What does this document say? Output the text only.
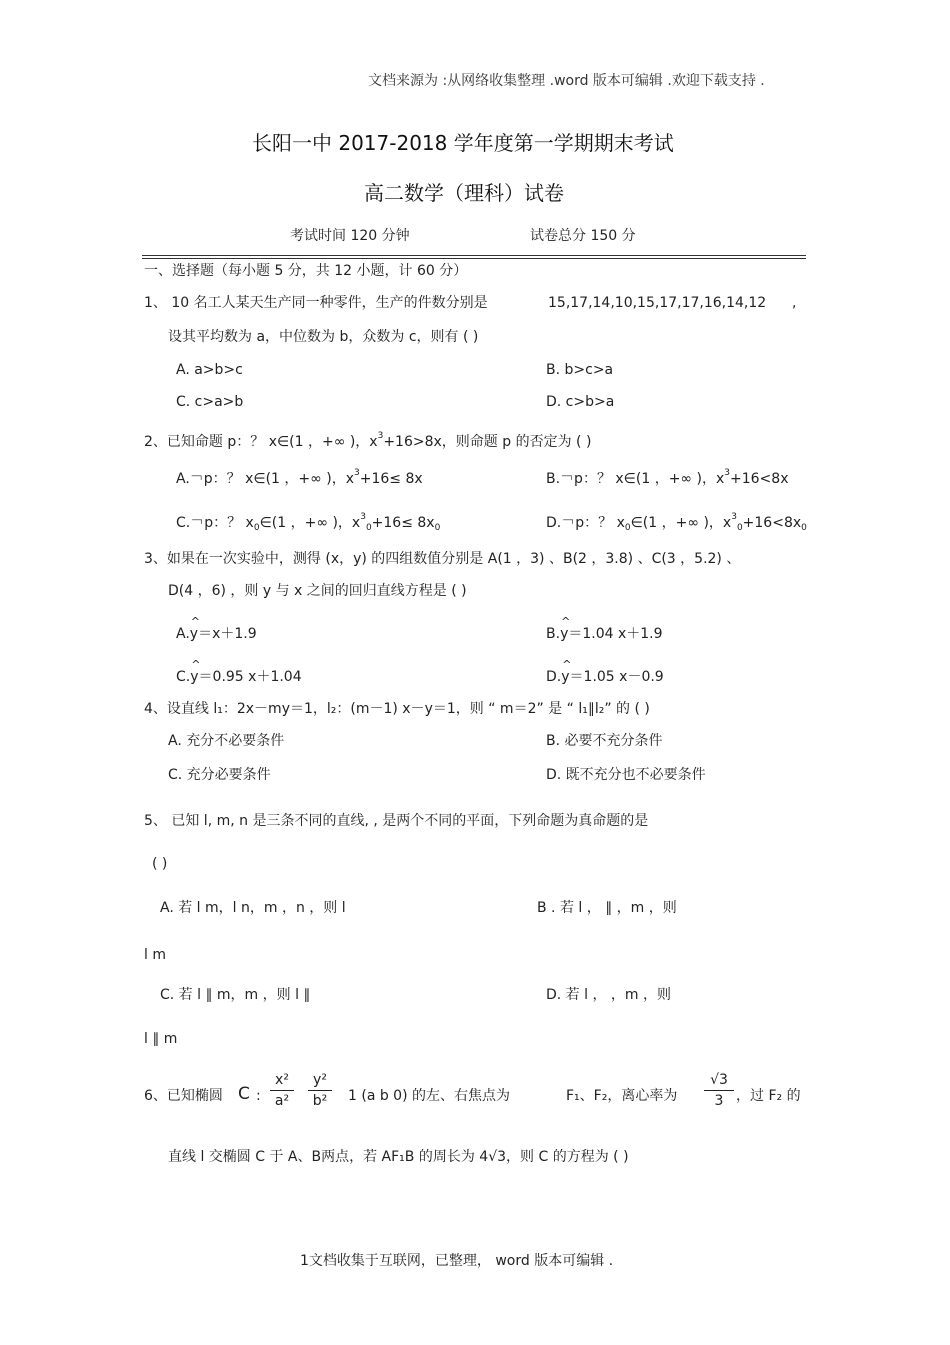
文档来源为 :从网络收集整理 .word 版本可编辑 .欢迎下载支持 .
长阳一中 2017-2018 学年度第一学期期末考试
高二数学（理科）试卷
考试时间 120 分钟	试卷总分 150 分
一、选择题（每小题 5 分，共 12 小题，计 60 分）
1、 10 名工人某天生产同一种零件，生产的件数分别是	15,17,14,10,15,17,17,16,14,12 ,
设其平均数为 a，中位数为 b，众数为 c，则有 ( )
A. a>b>c	B. b>c>a
C. c>a>b	D. c>b>a
2、已知命题 p：？ x∈(1 ，+∞ )，$x^3+16>8x$，则命题 p 的否定为 ( )
A.￢p：？ x∈(1 ，+∞ )，$x^3+16\le 8x$	B.￢p：？ x∈(1 ，+∞ )，$x^3+16<8x$
C.￢p：？ $x_0\in(1$ ，+∞ )，$x^3_0+16\le 8x_0$	D.￢p：？ $x_0\in(1$ ，+∞ )，$x^3_0+16<8x_0$
3、如果在一次实验中，测得 (x，y) 的四组数值分别是 A(1 ，3) 、B(2 ，3.8) 、C(3 ，5.2) 、
D(4 ，6) ，则 y 与 x 之间的回归直线方程是 ( )
A.^ y＝x＋1.9	B.^ y＝1.04 x＋1.9
C.^ y＝0.95 x＋1.04	D.^ y＝1.05 x－0.9
4、设直线 l₁：2x－my＝1，l₂：(m－1) x－y＝1，则 “ m＝2” 是 “ l₁∥l₂” 的 ( )
A. 充分不必要条件	B. 必要不充分条件
C. 充分必要条件	D. 既不充分也不必要条件
5、 已知 l, m, n 是三条不同的直线, , 是两个不同的平面，下列命题为真命题的是
( )
A. 若 l m，l n，m ，n ，则 l	B . 若 l ， ∥ ，m ，则
l m
C. 若 l ∥ m，m ，则 l ∥	D. 若 l ， ，m ，则
l ∥ m
6、已知椭圆 C :
x²
a²
y²
b²	1 (a b 0) 的左、右焦点为	F₁、F₂，离心率为
√3
3 ，过 F₂ 的
直线 l 交椭圆 C 于 A、B两点，若 AF₁B 的周长为 4√3，则 C 的方程为 ( )
1文档收集于互联网，已整理， word 版本可编辑 .
